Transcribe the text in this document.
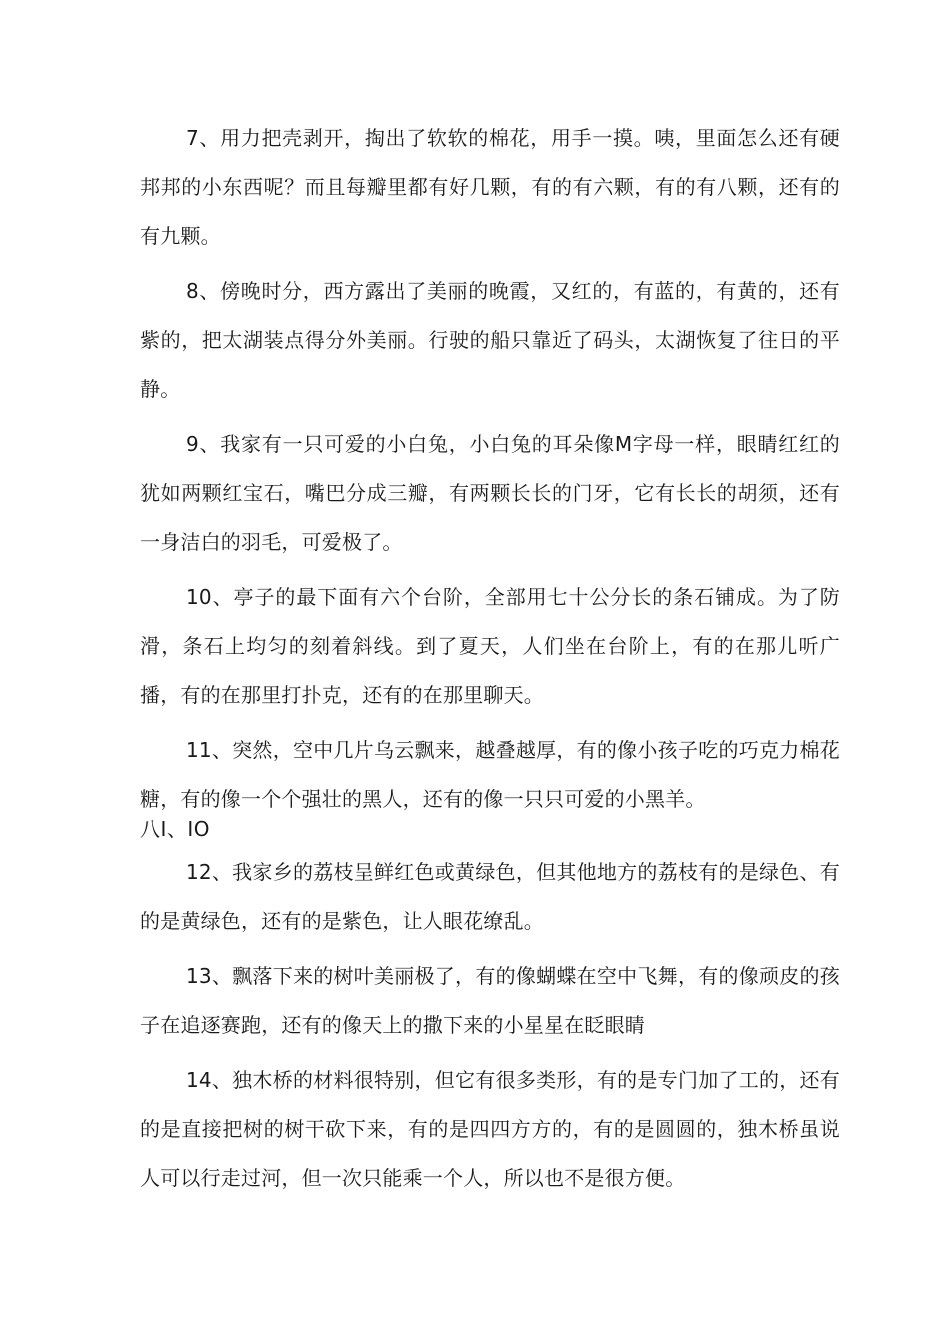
7、用力把壳剥开，掏出了软软的棉花，用手一摸。咦，里面怎么还有硬邦邦的小东西呢？而且每瓣里都有好几颗，有的有六颗，有的有八颗，还有的有九颗。

8、傍晚时分，西方露出了美丽的晚霞，又红的，有蓝的，有黄的，还有紫的，把太湖装点得分外美丽。行驶的船只靠近了码头，太湖恢复了往日的平静。

9、我家有一只可爱的小白兔，小白兔的耳朵像M字母一样，眼睛红红的犹如两颗红宝石，嘴巴分成三瓣，有两颗长长的门牙，它有长长的胡须，还有一身洁白的羽毛，可爱极了。

10、亭子的最下面有六个台阶，全部用七十公分长的条石铺成。为了防滑，条石上均匀的刻着斜线。到了夏天，人们坐在台阶上，有的在那儿听广播，有的在那里打扑克，还有的在那里聊天。

11、突然，空中几片乌云飘来，越叠越厚，有的像小孩子吃的巧克力棉花糖，有的像一个个强壮的黑人，还有的像一只只可爱的小黑羊。

八I、IO

12、我家乡的荔枝呈鲜红色或黄绿色，但其他地方的荔枝有的是绿色、有的是黄绿色，还有的是紫色，让人眼花缭乱。

13、飘落下来的树叶美丽极了，有的像蝴蝶在空中飞舞，有的像顽皮的孩子在追逐赛跑，还有的像天上的撒下来的小星星在眨眼睛

14、独木桥的材料很特别，但它有很多类形，有的是专门加了工的，还有的是直接把树的树干砍下来，有的是四四方方的，有的是圆圆的，独木桥虽说人可以行走过河，但一次只能乘一个人，所以也不是很方便。
